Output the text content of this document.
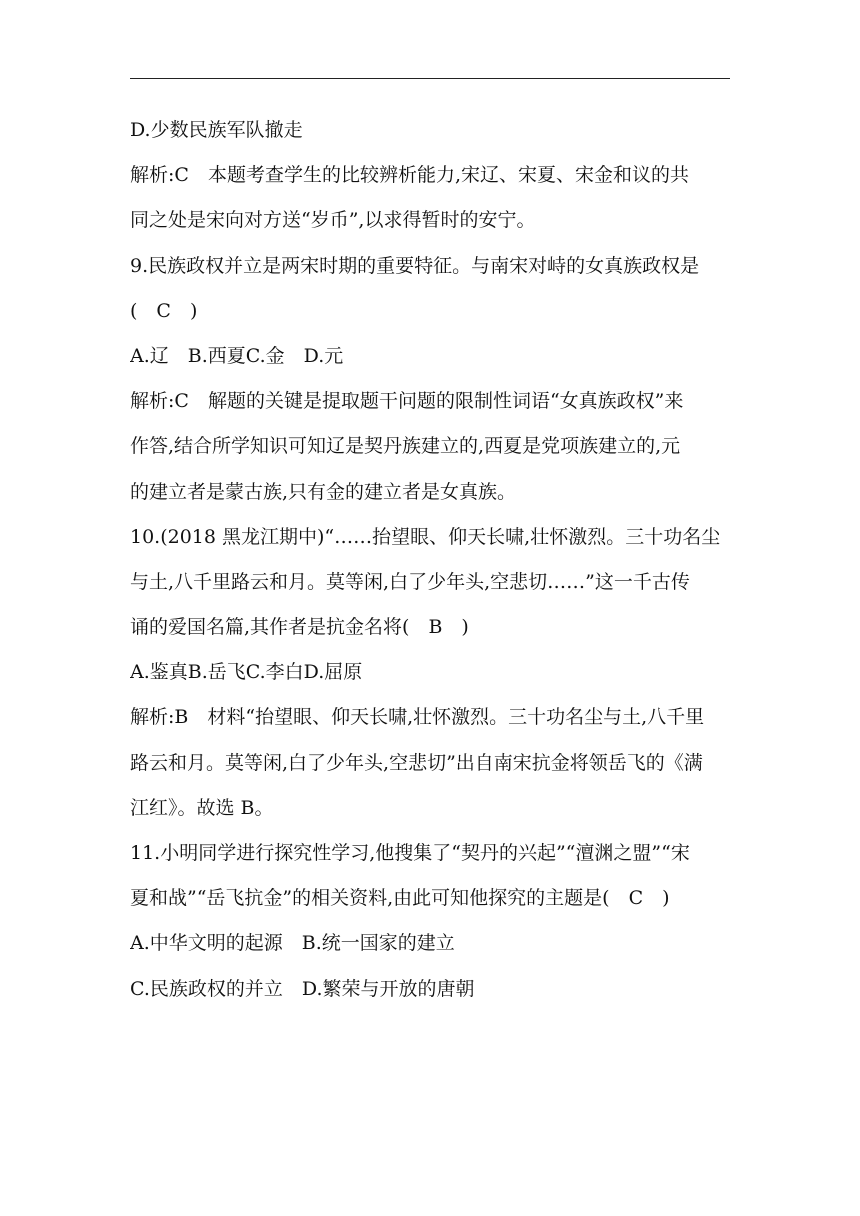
D.少数民族军队撤走
解析:C　本题考查学生的比较辨析能力,宋辽、宋夏、宋金和议的共
同之处是宋向对方送“岁币”,以求得暂时的安宁。
9.民族政权并立是两宋时期的重要特征。与南宋对峙的女真族政权是
(　C　)
A.辽　B.西夏C.金　D.元
解析:C　解题的关键是提取题干问题的限制性词语“女真族政权”来
作答,结合所学知识可知辽是契丹族建立的,西夏是党项族建立的,元
的建立者是蒙古族,只有金的建立者是女真族。
10.(2018 黑龙江期中)“……抬望眼、仰天长啸,壮怀激烈。三十功名尘
与土,八千里路云和月。莫等闲,白了少年头,空悲切……”这一千古传
诵的爱国名篇,其作者是抗金名将(　B　)
A.鉴真B.岳飞C.李白D.屈原
解析:B　材料“抬望眼、仰天长啸,壮怀激烈。三十功名尘与土,八千里
路云和月。莫等闲,白了少年头,空悲切”出自南宋抗金将领岳飞的《满
江红》。故选 B。
11.小明同学进行探究性学习,他搜集了“契丹的兴起”“澶渊之盟”“宋
夏和战”“岳飞抗金”的相关资料,由此可知他探究的主题是(　C　)
A.中华文明的起源　B.统一国家的建立
C.民族政权的并立　D.繁荣与开放的唐朝
